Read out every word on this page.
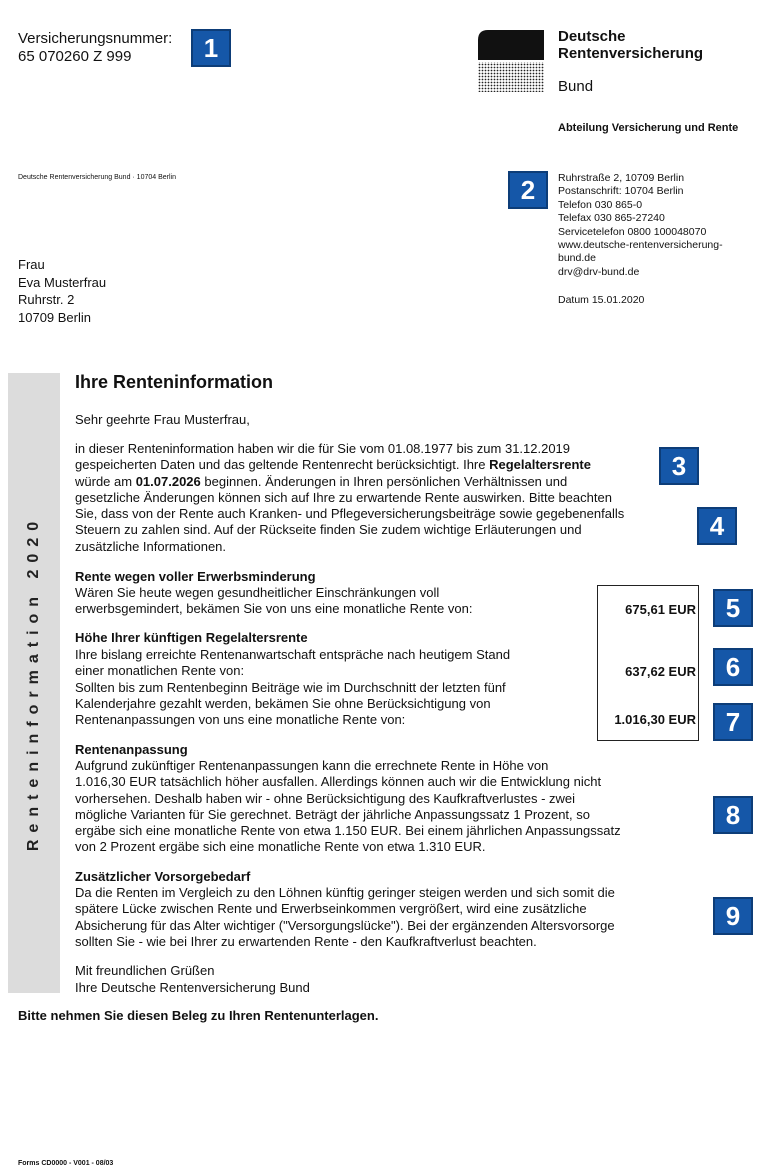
Versicherungsnummer:
65 070260 Z 999	1	Deutsche
Rentenversicherung
Bund
Abteilung Versicherung und Rente
Deutsche Rentenversicherung Bund · 10704 Berlin	2	Ruhrstraße 2, 10709 Berlin
Postanschrift: 10704 Berlin
Telefon 030 865-0
Telefax 030 865-27240
Servicetelefon 0800 100048070
www.deutsche-rentenversicherung-
bund.de
drv@drv-bund.de
Datum 15.01.2020
Frau
Eva Musterfrau
Ruhrstr. 2
10709 Berlin
Renteninformation 2020
Ihre Renteninformation
Sehr geehrte Frau Musterfrau,
in dieser Renteninformation haben wir die für Sie vom 01.08.1977 bis zum 31.12.2019
gespeicherten Daten und das geltende Rentenrecht berücksichtigt. Ihre Regelaltersrente
würde am 01.07.2026 beginnen. Änderungen in Ihren persönlichen Verhältnissen und
gesetzliche Änderungen können sich auf Ihre zu erwartende Rente auswirken. Bitte beachten
Sie, dass von der Rente auch Kranken- und Pflegeversicherungsbeiträge sowie gegebenenfalls
Steuern zu zahlen sind. Auf der Rückseite finden Sie zudem wichtige Erläuterungen und
zusätzliche Informationen.
3
4
Rente wegen voller Erwerbsminderung
Wären Sie heute wegen gesundheitlicher Einschränkungen voll
erwerbsgemindert, bekämen Sie von uns eine monatliche Rente von:
Höhe Ihrer künftigen Regelaltersrente
Ihre bislang erreichte Rentenanwartschaft entspräche nach heutigem Stand
einer monatlichen Rente von:
Sollten bis zum Rentenbeginn Beiträge wie im Durchschnitt der letzten fünf
Kalenderjahre gezahlt werden, bekämen Sie ohne Berücksichtigung von
Rentenanpassungen von uns eine monatliche Rente von:
675,61 EUR
637,62 EUR
1.016,30 EUR
5
6
7
Rentenanpassung
Aufgrund zukünftiger Rentenanpassungen kann die errechnete Rente in Höhe von
1.016,30 EUR tatsächlich höher ausfallen. Allerdings können auch wir die Entwicklung nicht
vorhersehen. Deshalb haben wir - ohne Berücksichtigung des Kaufkraftverlustes - zwei
mögliche Varianten für Sie gerechnet. Beträgt der jährliche Anpassungssatz 1 Prozent, so
ergäbe sich eine monatliche Rente von etwa 1.150 EUR. Bei einem jährlichen Anpassungssatz
von 2 Prozent ergäbe sich eine monatliche Rente von etwa 1.310 EUR.
8
Zusätzlicher Vorsorgebedarf
Da die Renten im Vergleich zu den Löhnen künftig geringer steigen werden und sich somit die
spätere Lücke zwischen Rente und Erwerbseinkommen vergrößert, wird eine zusätzliche
Absicherung für das Alter wichtiger ("Versorgungslücke"). Bei der ergänzenden Altersvorsorge
sollten Sie - wie bei Ihrer zu erwartenden Rente - den Kaufkraftverlust beachten.
9
Mit freundlichen Grüßen
Ihre Deutsche Rentenversicherung Bund
Bitte nehmen Sie diesen Beleg zu Ihren Rentenunterlagen.
Forms CD0000 - V001 - 08/03
